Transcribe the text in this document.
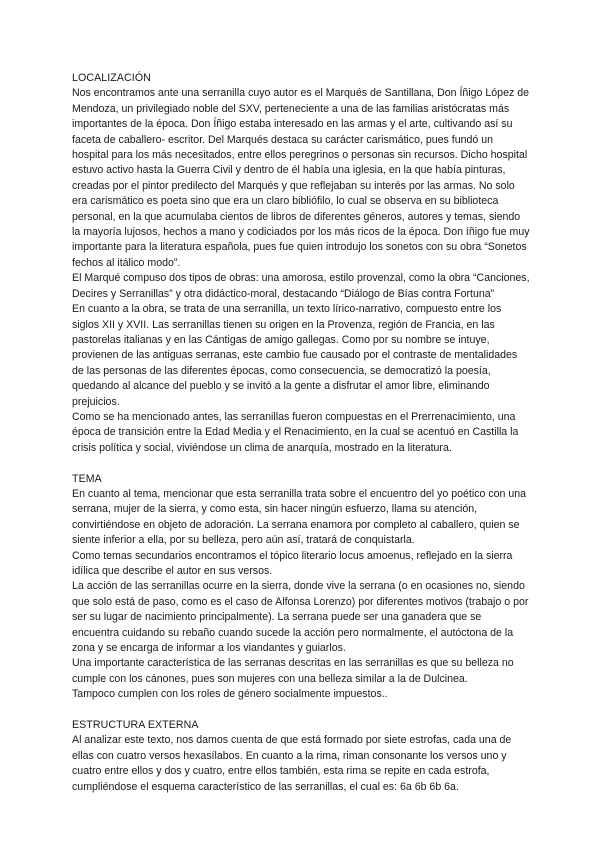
LOCALIZACIÓN

Nos encontramos ante una serranilla cuyo autor es el Marqués de Santillana, Don Íñigo López de Mendoza, un privilegiado noble del SXV, perteneciente a una de las familias aristócratas más importantes de la época. Don Íñigo estaba interesado en las armas y el arte, cultivando así su faceta de caballero- escritor. Del Marqués destaca su carácter carismático, pues fundó un hospital para los más necesitados, entre ellos peregrinos o personas sin recursos. Dicho hospital estuvo activo hasta la Guerra Civil y dentro de él había una iglesia, en la que había pinturas, creadas por el pintor predilecto del Marqués y que reflejaban su interés por las armas. No solo era carismático es poeta sino que era un claro bibliófilo, lo cual se observa en su biblioteca personal, en la que acumulaba cientos de libros de diferentes géneros, autores y temas, siendo la mayoría lujosos, hechos a mano y codiciados por los más ricos de la época. Don íñigo fue muy importante para la literatura española, pues fue quien introdujo los sonetos con su obra “Sonetos fechos al itálico modo”.

El Marqué compuso dos tipos de obras: una amorosa, estilo provenzal, como la obra “Canciones, Decires y Serranillas” y otra didáctico-moral, destacando “Diálogo de Bías contra Fortuna”

En cuanto a la obra, se trata de una serranilla, un texto lírico-narrativo, compuesto entre los siglos XII y XVII. Las serranillas tienen su origen en la Provenza, región de Francia, en las pastorelas italianas y en las Cántigas de amigo gallegas. Como por su nombre se intuye, provienen de las antiguas serranas, este cambio fue causado por el contraste de mentalidades de las personas de las diferentes épocas, como consecuencia, se democratizó la poesía, quedando al alcance del pueblo y se invitó a la gente a disfrutar el amor libre, eliminando prejuicios.

Como se ha mencionado antes, las serranillas fueron compuestas en el Prerrenacimiento, una época de transición entre la Edad Media y el Renacimiento, en la cual se acentuó en Castilla la crisis política y social, viviéndose un clima de anarquía, mostrado en la literatura.

TEMA

En cuanto al tema, mencionar que esta serranilla trata sobre el encuentro del yo poético con una serrana, mujer de la sierra, y como esta, sin hacer ningún esfuerzo, llama su atención, convirtiéndose en objeto de adoración. La serrana enamora por completo al caballero, quien se siente inferior a ella, por su belleza, pero aún así, tratará de conquistarla.

Como temas secundarios encontramos el tópico literario locus amoenus, reflejado en la sierra idílica que describe el autor en sus versos.

La acción de las serranillas ocurre en la sierra, donde vive la serrana (o en ocasiones no, siendo que solo está de paso, como es el caso de Alfonsa Lorenzo) por diferentes motivos (trabajo o por ser su lugar de nacimiento principalmente). La serrana puede ser una ganadera que se encuentra cuidando su rebaño cuando sucede la acción pero normalmente, el autóctona de la zona y se encarga de informar a los viandantes y guiarlos.

Una importante característica de las serranas descritas en las serranillas es que su belleza no cumple con los cánones, pues son mujeres con una belleza similar a la de Dulcinea.

Tampoco cumplen con los roles de género socialmente impuestos..

ESTRUCTURA EXTERNA

Al analizar este texto, nos damos cuenta de que está formado por siete estrofas, cada una de ellas con cuatro versos hexasílabos. En cuanto a la rima, riman consonante los versos uno y cuatro entre ellos y dos y cuatro, entre ellos también, esta rima se repite en cada estrofa, cumpliéndose el esquema característico de las serranillas, el cual es: 6a 6b 6b 6a.
